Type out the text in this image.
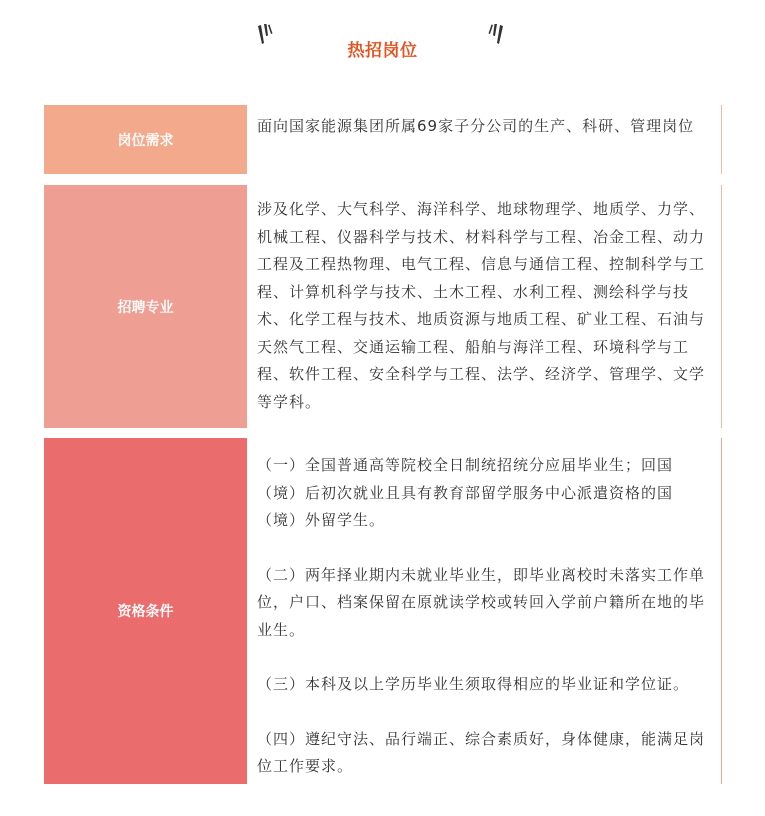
热招岗位
岗位需求
面向国家能源集团所属69家子分公司的生产、科研、管理岗位
招聘专业
涉及化学、大气科学、海洋科学、地球物理学、地质学、力学、机械工程、仪器科学与技术、材料科学与工程、冶金工程、动力工程及工程热物理、电气工程、信息与通信工程、控制科学与工程、计算机科学与技术、土木工程、水利工程、测绘科学与技术、化学工程与技术、地质资源与地质工程、矿业工程、石油与天然气工程、交通运输工程、船舶与海洋工程、环境科学与工程、软件工程、安全科学与工程、法学、经济学、管理学、文学等学科。
资格条件

（一）全国普通高等院校全日制统招统分应届毕业生；回国（境）后初次就业且具有教育部留学服务中心派遣资格的国（境）外留学生。

（二）两年择业期内未就业毕业生，即毕业离校时未落实工作单位，户口、档案保留在原就读学校或转回入学前户籍所在地的毕业生。

（三）本科及以上学历毕业生须取得相应的毕业证和学位证。

（四）遵纪守法、品行端正、综合素质好，身体健康，能满足岗位工作要求。
